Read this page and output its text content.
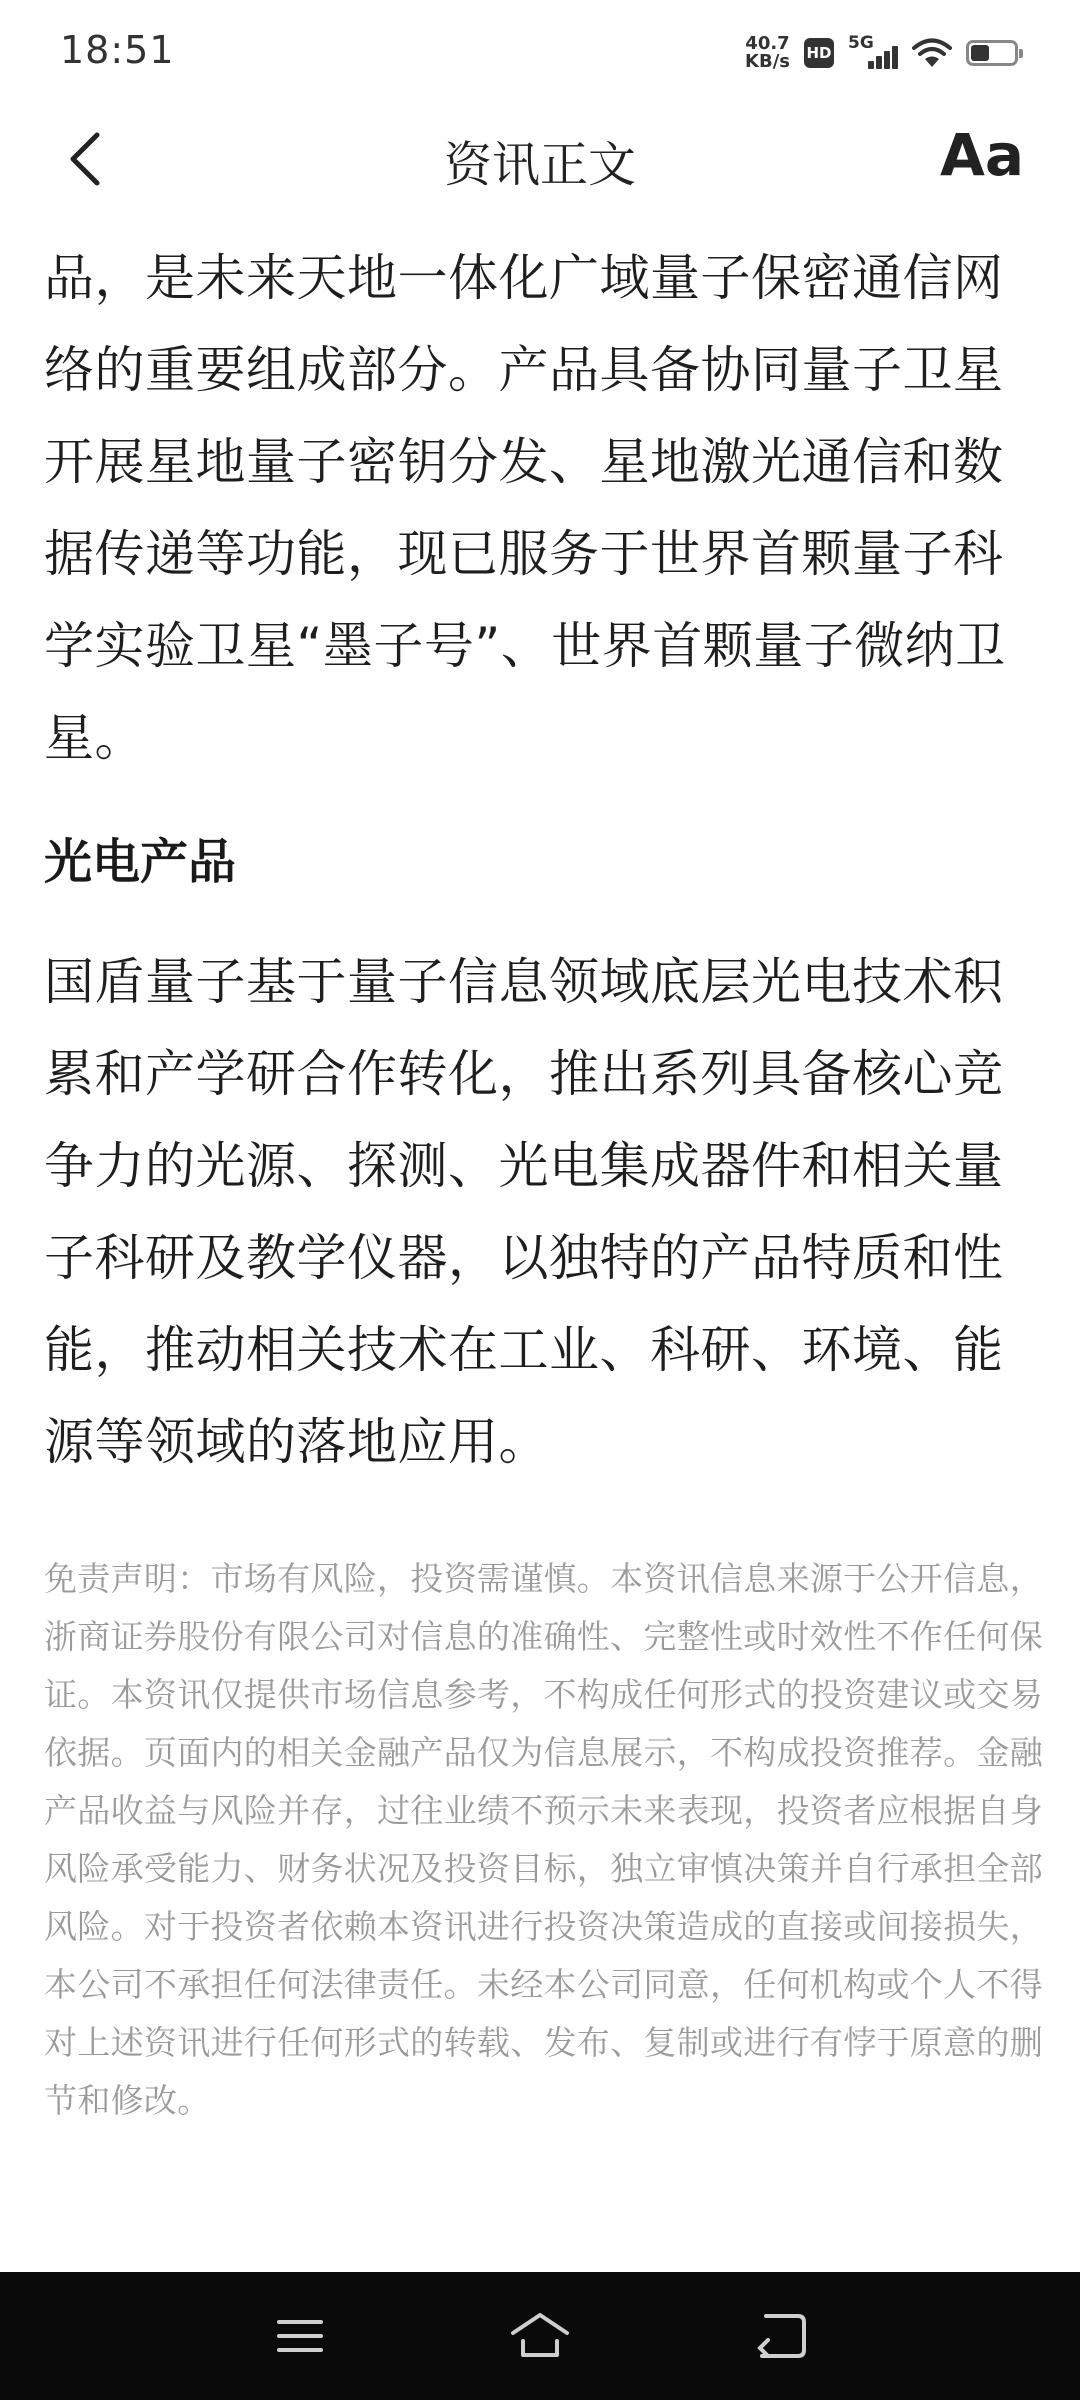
18:51	40.7
KB/s HD 5G
资讯正文	Aa

品，是未来天地一体化广域量子保密通信网络的重要组成部分。产品具备协同量子卫星开展星地量子密钥分发、星地激光通信和数据传递等功能，现已服务于世界首颗量子科学实验卫星“墨子号”、世界首颗量子微纳卫星。

光电产品

国盾量子基于量子信息领域底层光电技术积累和产学研合作转化，推出系列具备核心竞争力的光源、探测、光电集成器件和相关量子科研及教学仪器，以独特的产品特质和性能，推动相关技术在工业、科研、环境、能源等领域的落地应用。

免责声明：市场有风险，投资需谨慎。本资讯信息来源于公开信息，浙商证券股份有限公司对信息的准确性、完整性或时效性不作任何保证。本资讯仅提供市场信息参考，不构成任何形式的投资建议或交易依据。页面内的相关金融产品仅为信息展示，不构成投资推荐。金融产品收益与风险并存，过往业绩不预示未来表现，投资者应根据自身风险承受能力、财务状况及投资目标，独立审慎决策并自行承担全部风险。对于投资者依赖本资讯进行投资决策造成的直接或间接损失，本公司不承担任何法律责任。未经本公司同意，任何机构或个人不得对上述资讯进行任何形式的转载、发布、复制或进行有悖于原意的删节和修改。
